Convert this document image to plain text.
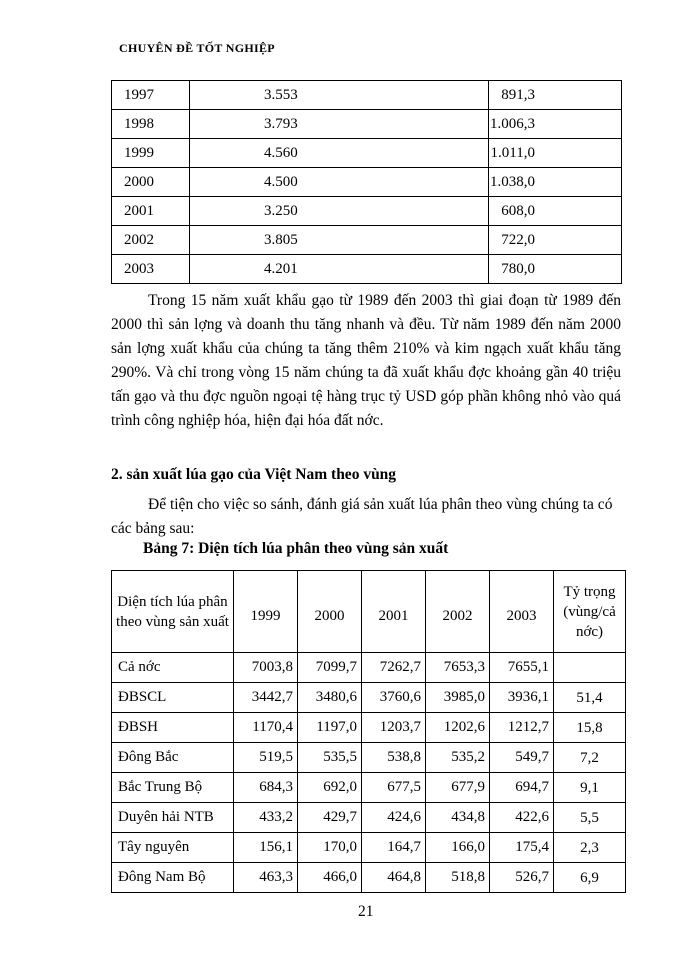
CHUYÊN ĐỀ TỐT NGHIỆP
1997	3.553	891,3
1998	3.793	1.006,3
1999	4.560	1.011,0
2000	4.500	1.038,0
2001	3.250	608,0
2002	3.805	722,0
2003	4.201	780,0

Trong 15 năm xuất khẩu gạo từ 1989 đến 2003 thì giai đoạn từ 1989 đến 2000 thì sản lợng và doanh thu tăng nhanh và đều. Từ năm 1989 đến năm 2000 sản lợng xuất khẩu của chúng ta tăng thêm 210% và kim ngạch xuất khẩu tăng 290%. Và chỉ trong vòng 15 năm chúng ta đã xuất khẩu đợc khoảng gần 40 triệu tấn gạo và thu đợc nguồn ngoại tệ hàng trục tỷ USD góp phần không nhỏ vào quá trình công nghiệp hóa, hiện đại hóa đất nớc.

2. sản xuất lúa gạo của Việt Nam theo vùng

Để tiện cho việc so sánh, đánh giá sản xuất lúa phân theo vùng chúng ta có các bảng sau:

Bảng 7: Diện tích lúa phân theo vùng sản xuất
Diện tích lúa phân theo vùng sản xuất	1999	2000	2001	2002	2003	Tỷ trọng (vùng/cả nớc)
Cả nớc	7003,8	7099,7	7262,7	7653,3	7655,1	
ĐBSCL	3442,7	3480,6	3760,6	3985,0	3936,1	51,4
ĐBSH	1170,4	1197,0	1203,7	1202,6	1212,7	15,8
Đông Bắc	519,5	535,5	538,8	535,2	549,7	7,2
Bắc Trung Bộ	684,3	692,0	677,5	677,9	694,7	9,1
Duyên hải NTB	433,2	429,7	424,6	434,8	422,6	5,5
Tây nguyên	156,1	170,0	164,7	166,0	175,4	2,3
Đông Nam Bộ	463,3	466,0	464,8	518,8	526,7	6,9
21
